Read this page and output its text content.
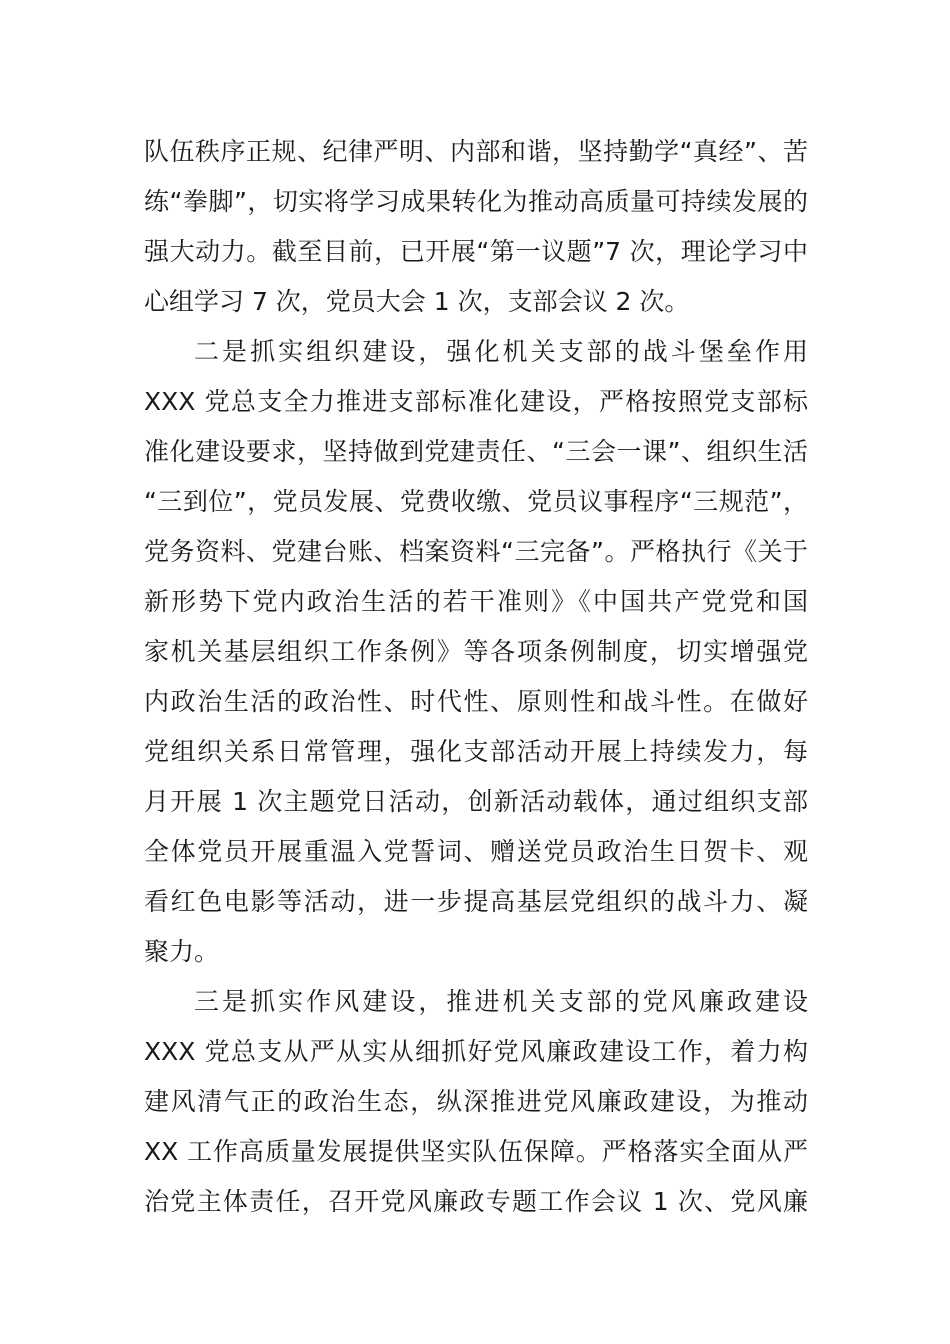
队伍秩序正规、纪律严明、内部和谐，坚持勤学“真经”、苦
练“拳脚”，切实将学习成果转化为推动高质量可持续发展的
强大动力。截至目前，已开展“第一议题”7 次，理论学习中
心组学习 7 次，党员大会 1 次，支部会议 2 次。
二是抓实组织建设，强化机关支部的战斗堡垒作用
XXX 党总支全力推进支部标准化建设，严格按照党支部标
准化建设要求，坚持做到党建责任、“三会一课”、组织生活
“三到位”，党员发展、党费收缴、党员议事程序“三规范”，
党务资料、党建台账、档案资料“三完备”。严格执行《关于
新形势下党内政治生活的若干准则》《中国共产党党和国
家机关基层组织工作条例》等各项条例制度，切实增强党
内政治生活的政治性、时代性、原则性和战斗性。在做好
党组织关系日常管理，强化支部活动开展上持续发力，每
月开展 1 次主题党日活动，创新活动载体，通过组织支部
全体党员开展重温入党誓词、赠送党员政治生日贺卡、观
看红色电影等活动，进一步提高基层党组织的战斗力、凝
聚力。
三是抓实作风建设，推进机关支部的党风廉政建设
XXX 党总支从严从实从细抓好党风廉政建设工作，着力构
建风清气正的政治生态，纵深推进党风廉政建设，为推动
XX 工作高质量发展提供坚实队伍保障。严格落实全面从严
治党主体责任，召开党风廉政专题工作会议 1 次、党风廉
